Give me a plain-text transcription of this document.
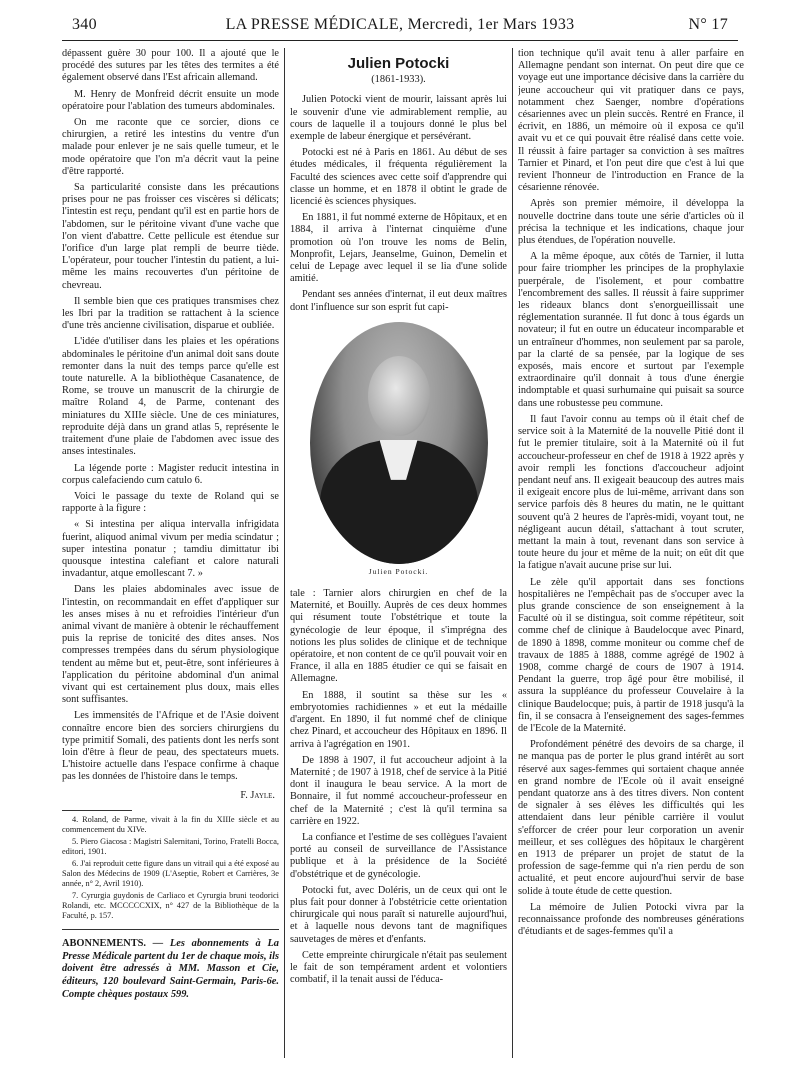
340	LA PRESSE MÉDICALE, Mercredi, 1er Mars 1933	N° 17

dépassent guère 30 pour 100. Il a ajouté que le procédé des sutures par les têtes des termites a été également observé dans l'Est africain allemand.

M. Henry de Monfreid décrit ensuite un mode opératoire pour l'ablation des tumeurs abdominales.

On me raconte que ce sorcier, dions ce chirurgien, a retiré les intestins du ventre d'un malade pour enlever je ne sais quelle tumeur, et le mode opératoire que l'on m'a décrit vaut la peine d'être rapporté.

Sa particularité consiste dans les précautions prises pour ne pas froisser ces viscères si délicats; l'intestin est reçu, pendant qu'il est en partie hors de l'abdomen, sur le péritoine vivant d'une vache que l'on vient d'abattre. Cette pellicule est étendue sur l'orifice d'un large plat rempli de beurre tiède. L'opérateur, pour toucher l'intestin du patient, a lui-même les mains recouvertes d'un péritoine de chevreau.

Il semble bien que ces pratiques transmises chez les Ibri par la tradition se rattachent à la science d'une très ancienne civilisation, disparue et oubliée.

L'idée d'utiliser dans les plaies et les opérations abdominales le péritoine d'un animal doit sans doute remonter dans la nuit des temps parce qu'elle est toute naturelle. A la bibliothèque Casanatence, de Rome, se trouve un manuscrit de la chirurgie de maître Roland 4, de Parme, contenant des miniatures du XIIIe siècle. Une de ces miniatures, reproduite déjà dans un grand atlas 5, représente le traitement d'une plaie de l'abdomen avec issue des anses intestinales.

La légende porte : Magister reducit intestina in corpus calefaciendo cum catulo 6.

Voici le passage du texte de Roland qui se rapporte à la figure :

« Si intestina per aliqua intervalla infrigidata fuerint, aliquod animal vivum per media scindatur ; super intestina ponatur ; tamdiu dimittatur ibi quousque intestina calefiant et calore naturali invadantur, atque emollescant 7. »

Dans les plaies abdominales avec issue de l'intestin, on recommandait en effet d'appliquer sur les anses mises à nu et refroidies l'intérieur d'un animal vivant de manière à obtenir le réchauffement puis la reprise de tonicité des dites anses. Nos compresses trempées dans du sérum physiologique tendent au même but et, peut-être, sont inférieures à l'application du péritoine abdominal d'un animal vivant qui est certainement plus doux, mais elles sont suffisantes.

Les immensités de l'Afrique et de l'Asie doivent connaître encore bien des sorciers chirurgiens du type primitif Somali, des patients dont les nerfs sont loin d'être à fleur de peau, des spectateurs muets. L'histoire actuelle dans l'espace confirme à chaque pas les données de l'histoire dans le temps.

F. Jayle.

4. Roland, de Parme, vivait à la fin du XIIIe siècle et au commencement du XIVe.

5. Piero Giacosa : Magistri Salernitani, Torino, Fratelli Bocca, editori, 1901.

6. J'ai reproduit cette figure dans un vitrail qui a été exposé au Salon des Médecins de 1909 (L'Aseptie, Robert et Carrières, 3e année, n° 2, Avril 1910).

7. Cyrurgia guydonis de Carliaco et Cyrurgia bruni teodorici Rolandi, etc. MCCCCCXIX, n° 427 de la Bibliothèque de la Faculté, p. 157.

ABONNEMENTS. — Les abonnements à La Presse Médicale partent du 1er de chaque mois, ils doivent être adressés à MM. Masson et Cie, éditeurs, 120 boulevard Saint-Germain, Paris-6e. Compte chèques postaux 599.
Julien Potocki
(1861-1933).

Julien Potocki vient de mourir, laissant après lui le souvenir d'une vie admirablement remplie, au cours de laquelle il a toujours donné le plus bel exemple de labeur énergique et persévérant.

Potocki est né à Paris en 1861. Au début de ses études médicales, il fréquenta régulièrement la Faculté des sciences avec cette soif d'apprendre qui classe un homme, et en 1878 il obtint le grade de licencié ès sciences physiques.

En 1881, il fut nommé externe de Hôpitaux, et en 1884, il arriva à l'internat cinquième d'une promotion où l'on trouve les noms de Belin, Monprofit, Lejars, Jeanselme, Guinon, Demelin et celui de Lepage avec lequel il se lia d'une solide amitié.

Pendant ses années d'internat, il eut deux maîtres dont l'influence sur son esprit fut capi-

Julien Potocki.

tale : Tarnier alors chirurgien en chef de la Maternité, et Bouilly. Auprès de ces deux hommes qui résument toute l'obstétrique et toute la gynécologie de leur époque, il s'imprégna des notions les plus solides de clinique et de technique opératoire, et non content de ce qu'il pouvait voir en France, il alla en 1885 étudier ce qui se faisait en Allemagne.

En 1888, il soutint sa thèse sur les « embryotomies rachidiennes » et eut la médaille d'argent. En 1890, il fut nommé chef de clinique chez Pinard, et accoucheur des Hôpitaux en 1896. Il arriva à l'agrégation en 1901.

De 1898 à 1907, il fut accoucheur adjoint à la Maternité ; de 1907 à 1918, chef de service à la Pitié dont il inaugura le beau service. A la mort de Bonnaire, il fut nommé accoucheur-professeur en chef de la Maternité ; c'est là qu'il termina sa carrière en 1922.

La confiance et l'estime de ses collègues l'avaient porté au conseil de surveillance de l'Assistance publique et à la présidence de la Société d'obstétrique et de gynécologie.

Potocki fut, avec Doléris, un de ceux qui ont le plus fait pour donner à l'obstétricie cette orientation chirurgicale qui nous paraît si naturelle aujourd'hui, et à laquelle nous devons tant de magnifiques sauvetages de mères et d'enfants.

Cette empreinte chirurgicale n'était pas seulement le fait de son tempérament ardent et volontiers combatif, il la tenait aussi de l'éduca-

tion technique qu'il avait tenu à aller parfaire en Allemagne pendant son internat. On peut dire que ce voyage eut une importance décisive dans la carrière du jeune accoucheur qui vit pratiquer dans ce pays, notamment chez Saenger, nombre d'opérations césariennes avec un plein succès. Rentré en France, il écrivit, en 1886, un mémoire où il exposa ce qu'il avait vu et ce qui pouvait être réalisé dans cette voie. Il réussit à faire partager sa conviction à ses maîtres Tarnier et Pinard, et l'on peut dire que c'est à lui que revient l'honneur de l'introduction en France de la césarienne rénovée.

Après son premier mémoire, il développa la nouvelle doctrine dans toute une série d'articles où il précisa la technique et les indications, chaque jour plus étendues, de l'opération nouvelle.

A la même époque, aux côtés de Tarnier, il lutta pour faire triompher les principes de la prophylaxie puerpérale, de l'isolement, et pour combattre l'encombrement des salles. Il réussit à faire supprimer les rideaux blancs dont s'enorgueillissait une réglementation surannée. Il fut donc à tous égards un novateur; il fut en outre un éducateur incomparable et un entraîneur d'hommes, non seulement par sa parole, par la clarté de sa pensée, par la logique de ses exposés, mais encore et surtout par l'exemple extraordinaire qu'il donnait à tous d'une énergie indomptable et quasi surhumaine qui puisait sa source dans une robustesse peu commune.

Il faut l'avoir connu au temps où il était chef de service soit à la Maternité de la nouvelle Pitié dont il fut le premier titulaire, soit à la Maternité où il fut accoucheur-professeur en chef de 1918 à 1922 après y avoir rempli les fonctions d'accoucheur adjoint pendant neuf ans. Il exigeait beaucoup des autres mais il exigeait encore plus de lui-même, arrivant dans son service parfois dès 8 heures du matin, ne le quittant souvent qu'à 2 heures de l'après-midi, voyant tout, ne négligeant aucun détail, s'attachant à tout scruter, mettant la main à tout, revenant dans son service à toute heure du jour et même de la nuit; on eût dit que la fatigue n'avait aucune prise sur lui.

Le zèle qu'il apportait dans ses fonctions hospitalières ne l'empêchait pas de s'occuper avec la plus grande conscience de son enseignement à la Faculté où il se distingua, soit comme répétiteur, soit comme chef de clinique à Baudelocque avec Pinard, de 1890 à 1898, comme moniteur ou comme chef de travaux de 1885 à 1888, comme agrégé de 1902 à 1908, comme chargé de cours de 1907 à 1914. Pendant la guerre, trop âgé pour être mobilisé, il assura la suppléance du professeur Couvelaire à la clinique Baudelocque; puis, à partir de 1918 jusqu'à la fin, il se consacra à l'enseignement des sages-femmes de l'Ecole de la Maternité.

Profondément pénétré des devoirs de sa charge, il ne manqua pas de porter le plus grand intérêt au sort réservé aux sages-femmes qui sortaient chaque année en grand nombre de l'Ecole où il avait enseigné pendant quatorze ans à des titres divers. Non content de signaler à ses élèves les difficultés qui les attendaient dans leur pénible carrière il voulut s'efforcer de créer pour leur corporation un avenir meilleur, et ses collègues des hôpitaux le chargèrent en 1913 de préparer un projet de statut de la profession de sage-femme qui n'a rien perdu de son actualité, et peut encore aujourd'hui servir de base solide à toute étude de cette question.

La mémoire de Julien Potocki vivra par la reconnaissance profonde des nombreuses générations d'étudiants et de sages-femmes qu'il a
